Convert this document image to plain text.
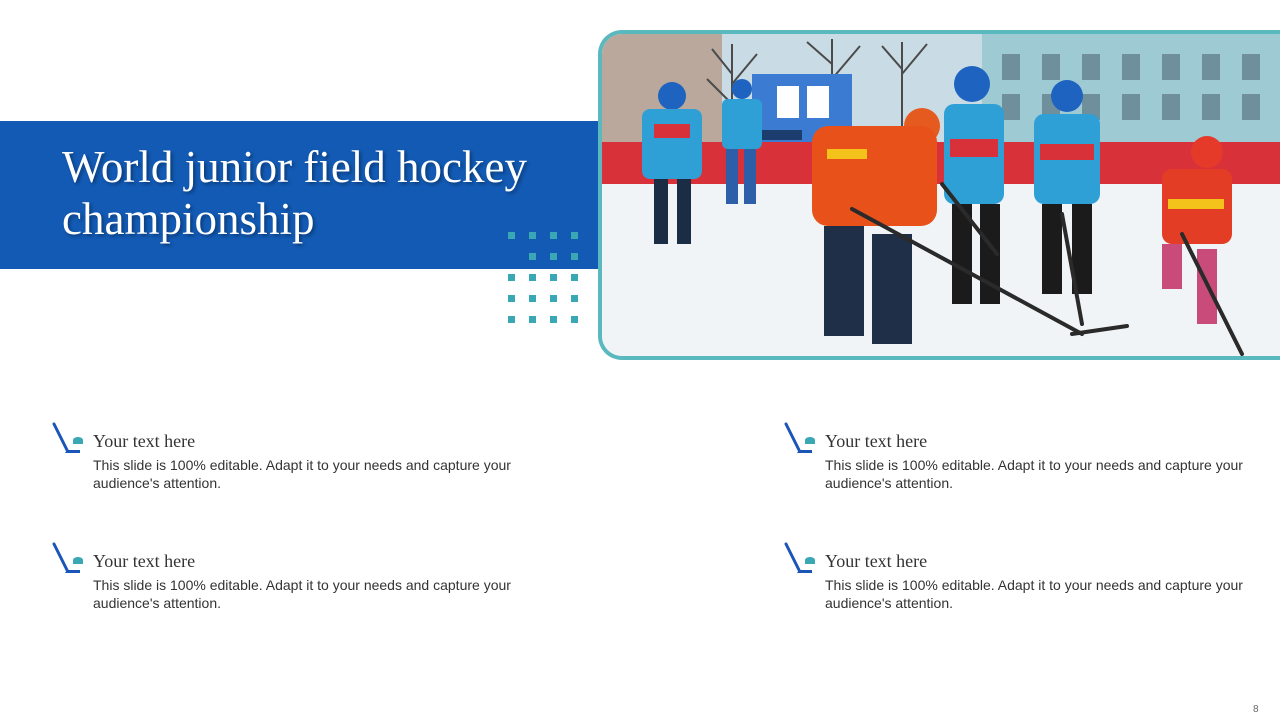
World junior field hockey championship
Your text here
This slide is 100% editable. Adapt it to your needs and capture your audience's attention.
Your text here
This slide is 100% editable. Adapt it to your needs and capture your audience's attention.
Your text here
This slide is 100% editable. Adapt it to your needs and capture your audience's attention.
Your text here
This slide is 100% editable. Adapt it to your needs and capture your audience's attention.
8
